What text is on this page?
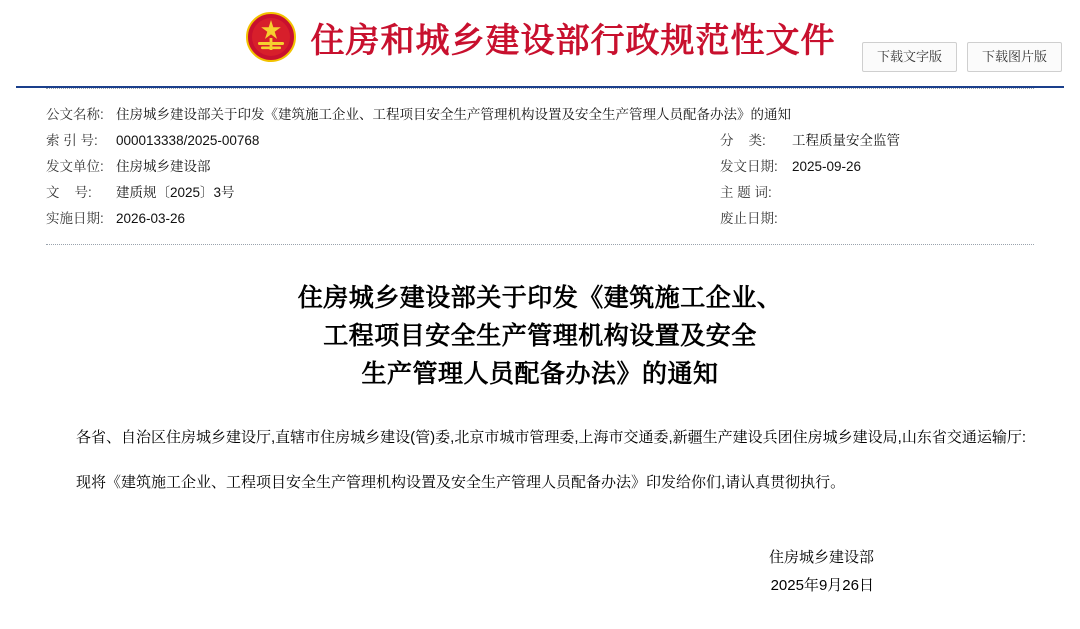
住房和城乡建设部行政规范性文件	下载文字版	下载图片版
公文名称: 住房城乡建设部关于印发《建筑施工企业、工程项目安全生产管理机构设置及安全生产管理人员配备办法》的通知
索 引 号:	000013338/2025-00768	分    类:	工程质量安全监管
发文单位: 住房城乡建设部	发文日期:	2025-09-26
文    号:	建质规〔2025〕3号	主 题 词:
实施日期: 2026-03-26	废止日期:
住房城乡建设部关于印发《建筑施工企业、
工程项目安全生产管理机构设置及安全
生产管理人员配备办法》的通知

各省、自治区住房城乡建设厅,直辖市住房城乡建设(管)委,北京市城市管理委,上海市交通委,新疆生产建设兵团住房城乡建设局,山东省交通运输厅:

现将《建筑施工企业、工程项目安全生产管理机构设置及安全生产管理人员配备办法》印发给你们,请认真贯彻执行。

住房城乡建设部
2025年9月26日
